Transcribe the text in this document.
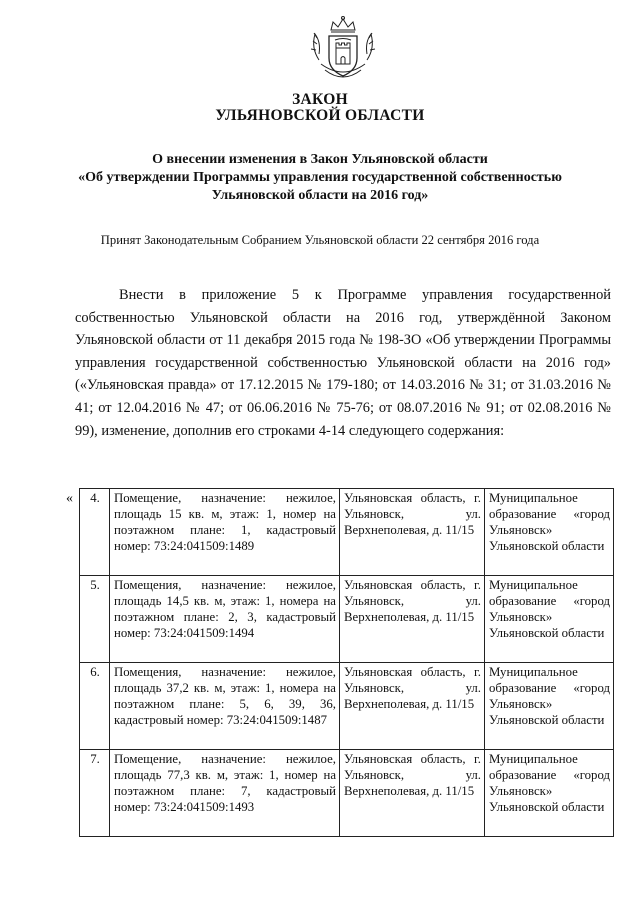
ЗАКОН
УЛЬЯНОВСКОЙ ОБЛАСТИ
О внесении изменения в Закон Ульяновской области
«Об утверждении Программы управления государственной собственностью
Ульяновской области на 2016 год»
Принят Законодательным Собранием Ульяновской области 22 сентября 2016 года
Внести в приложение 5 к Программе управления государственной собственностью Ульяновской области на 2016 год, утверждённой Законом Ульяновской области от 11 декабря 2015 года № 198-ЗО «Об утверждении Программы управления государственной собственностью Ульяновской области на 2016 год» («Ульяновская правда» от 17.12.2015 № 179-180; от 14.03.2016 № 31; от 31.03.2016 № 41; от 12.04.2016 № 47; от 06.06.2016 № 75-76; от 08.07.2016 № 91; от 02.08.2016 № 99), изменение, дополнив его строками 4-14 следующего содержания:
« 4.	Помещение, назначение: нежилое, площадь 15 кв. м, этаж: 1, номер на поэтажном плане: 1, кадастровый номер: 73:24:041509:1489	Ульяновская область, г. Ульяновск, ул. Верхнеполевая, д. 11/15	Муниципальное образование «город Ульяновск» Ульяновской области
5.	Помещения, назначение: нежилое, площадь 14,5 кв. м, этаж: 1, номера на поэтажном плане: 2, 3, кадастровый номер: 73:24:041509:1494	Ульяновская область, г. Ульяновск, ул. Верхнеполевая, д. 11/15	Муниципальное образование «город Ульяновск» Ульяновской области
6.	Помещения, назначение: нежилое, площадь 37,2 кв. м, этаж: 1, номера на поэтажном плане: 5, 6, 39, 36, кадастровый номер: 73:24:041509:1487	Ульяновская область, г. Ульяновск, ул. Верхнеполевая, д. 11/15	Муниципальное образование «город Ульяновск» Ульяновской области
7.	Помещение, назначение: нежилое, площадь 77,3 кв. м, этаж: 1, номер на поэтажном плане: 7, кадастровый номер: 73:24:041509:1493	Ульяновская область, г. Ульяновск, ул. Верхнеполевая, д. 11/15	Муниципальное образование «город Ульяновск» Ульяновской области
